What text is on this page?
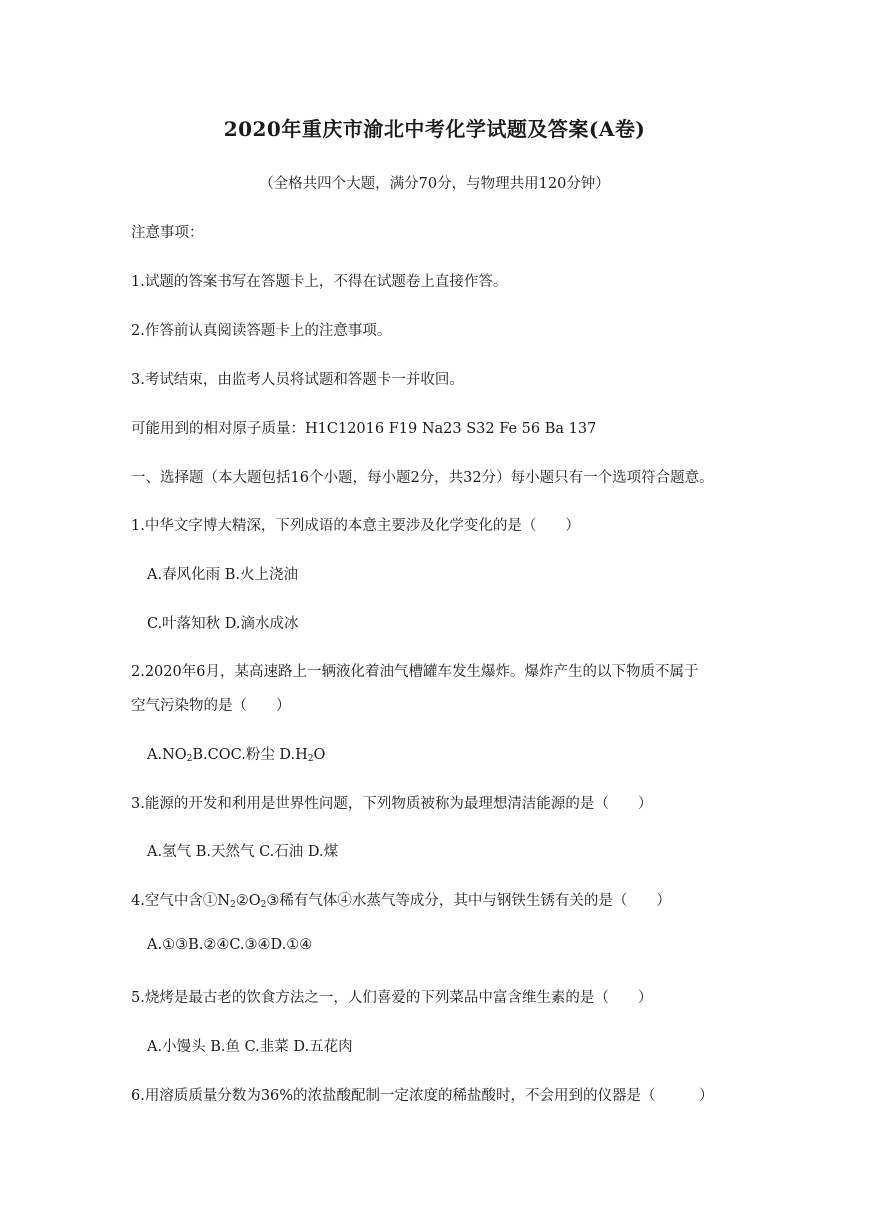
2020年重庆市渝北中考化学试题及答案(A卷)
（全格共四个大题，满分70分，与物理共用120分钟）
注意事项：
1.试题的答案书写在答题卡上，不得在试题卷上直接作答。
2.作答前认真阅读答题卡上的注意事项。
3.考试结束，由监考人员将试题和答题卡一并收回。
可能用到的相对原子质量：H1C12016 F19 Na23 S32 Fe 56 Ba 137
一、选择题（本大题包括16个小题，每小题2分，共32分）每小题只有一个选项符合题意。
1.中华文字博大精深，下列成语的本意主要涉及化学变化的是（　　）
A.春风化雨 B.火上浇油
C.叶落知秋 D.滴水成冰
2.2020年6月，某高速路上一辆液化着油气槽罐车发生爆炸。爆炸产生的以下物质不属于
空气污染物的是（　　）
$A.NO_2B.COC$.粉尘 $D.H_2O$
3.能源的开发和利用是世界性问题，下列物质被称为最理想清洁能源的是（　　）
A.氢气 B.天然气 C.石油 D.煤
4.空气中含$①N_2②O_2③$稀有气体④水蒸气等成分，其中与钢铁生锈有关的是（　　）
A.①③B.②④C.③④D.①④
5.烧烤是最古老的饮食方法之一，人们喜爱的下列菜品中富含维生素的是（　　）
A.小馒头 B.鱼 C.韭菜 D.五花肉
6.用溶质质量分数为36%的浓盐酸配制一定浓度的稀盐酸时，不会用到的仪器是（　　　）
